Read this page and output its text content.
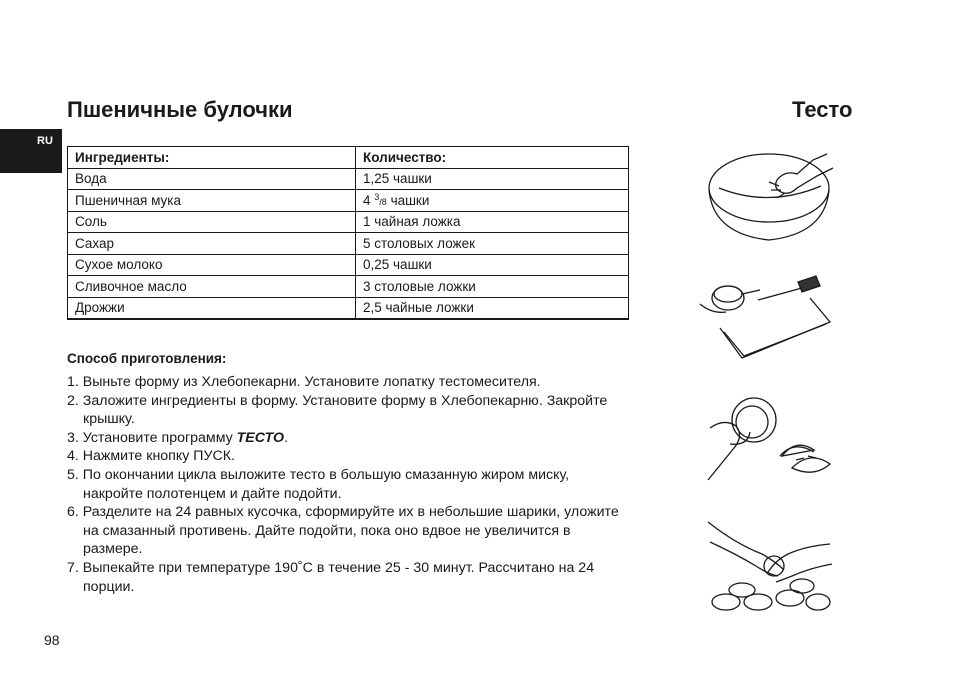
RU
Пшеничные булочки	Тесто
Ингредиенты:	Количество:
Вода	1,25 чашки
Пшеничная мука	4 $^3$/8 чашки
Соль	1 чайная ложка
Сахар	5 столовых ложек
Сухое молоко	0,25 чашки
Сливочное масло	3 столовые ложки
Дрожжи	2,5 чайные ложки
Способ приготовления:
1. Выньте форму из Хлебопекарни. Установите лопатку тестомесителя.
2. Заложите ингредиенты в форму. Установите форму в Хлебопекарню. Закройте крышку.
3. Установите программу ТЕСТО.
4. Нажмите кнопку ПУСК.
5. По окончании цикла выложите тесто в большую смазанную жиром миску, накройте полотенцем и дайте подойти.
6. Разделите на 24 равных кусочка, сформируйте их в небольшие шарики, уложите на смазанный противень. Дайте подойти, пока оно вдвое не увеличится в размере.
7. Выпекайте при температуре 190˚С в течение 25 - 30 минут. Рассчитано на 24 порции.
98
